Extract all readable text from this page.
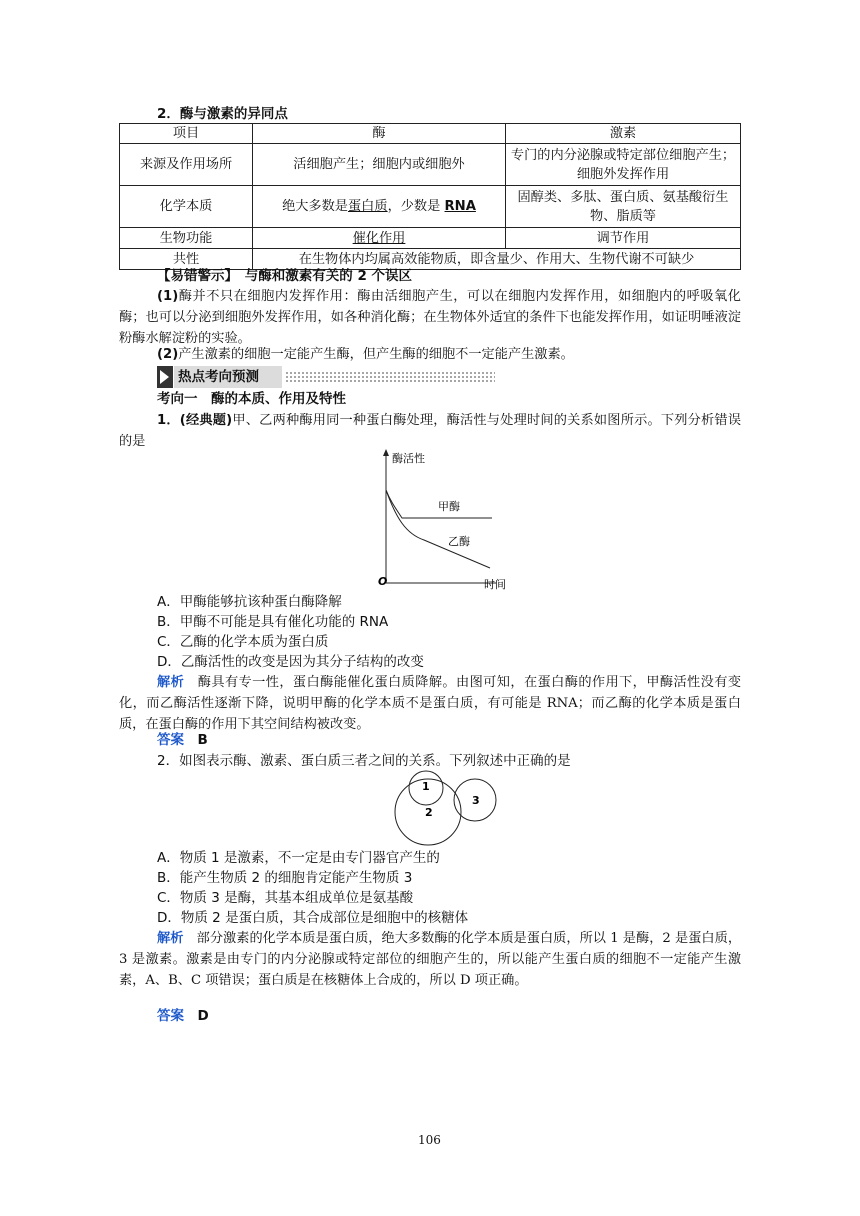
2．酶与激素的异同点
项目	酶	激素
来源及作用场所	活细胞产生；细胞内或细胞外	专门的内分泌腺或特定部位细胞产生；细胞外发挥作用
化学本质	绝大多数是蛋白质，少数是 RNA	固醇类、多肽、蛋白质、氨基酸衍生物、脂质等
生物功能	催化作用	调节作用
共性	在生物体内均属高效能物质，即含量少、作用大、生物代谢不可缺少	
【易错警示】　与酶和激素有关的 2 个误区
(1)酶并不只在细胞内发挥作用：酶由活细胞产生，可以在细胞内发挥作用，如细胞内的呼吸氧化酶；也可以分泌到细胞外发挥作用，如各种消化酶；在生物体外适宜的条件下也能发挥作用，如证明唾液淀粉酶水解淀粉的实验。
(2)产生激素的细胞一定能产生酶，但产生酶的细胞不一定能产生激素。
热点考向预测
考向一　酶的本质、作用及特性
1．(经典题)甲、乙两种酶用同一种蛋白酶处理，酶活性与处理时间的关系如图所示。下列分析错误的是
酶活性
时间
O
甲酶
乙酶
A．甲酶能够抗该种蛋白酶降解
B．甲酶不可能是具有催化功能的 RNA
C．乙酶的化学本质为蛋白质
D．乙酶活性的改变是因为其分子结构的改变
解析　 酶具有专一性，蛋白酶能催化蛋白质降解。由图可知，在蛋白酶的作用下，甲酶活性没有变化，而乙酶活性逐渐下降，说明甲酶的化学本质不是蛋白质，有可能是 RNA；而乙酶的化学本质是蛋白质，在蛋白酶的作用下其空间结构被改变。
答案　 B
2．如图表示酶、激素、蛋白质三者之间的关系。下列叙述中正确的是
1
2
3
A．物质 1 是激素，不一定是由专门器官产生的
B．能产生物质 2 的细胞肯定能产生物质 3
C．物质 3 是酶，其基本组成单位是氨基酸
D．物质 2 是蛋白质，其合成部位是细胞中的核糖体
解析　 部分激素的化学本质是蛋白质，绝大多数酶的化学本质是蛋白质，所以 1 是酶，2 是蛋白质，3 是激素。激素是由专门的内分泌腺或特定部位的细胞产生的，所以能产生蛋白质的细胞不一定能产生激素，A、B、C 项错误；蛋白质是在核糖体上合成的，所以 D 项正确。
答案　 D
106
